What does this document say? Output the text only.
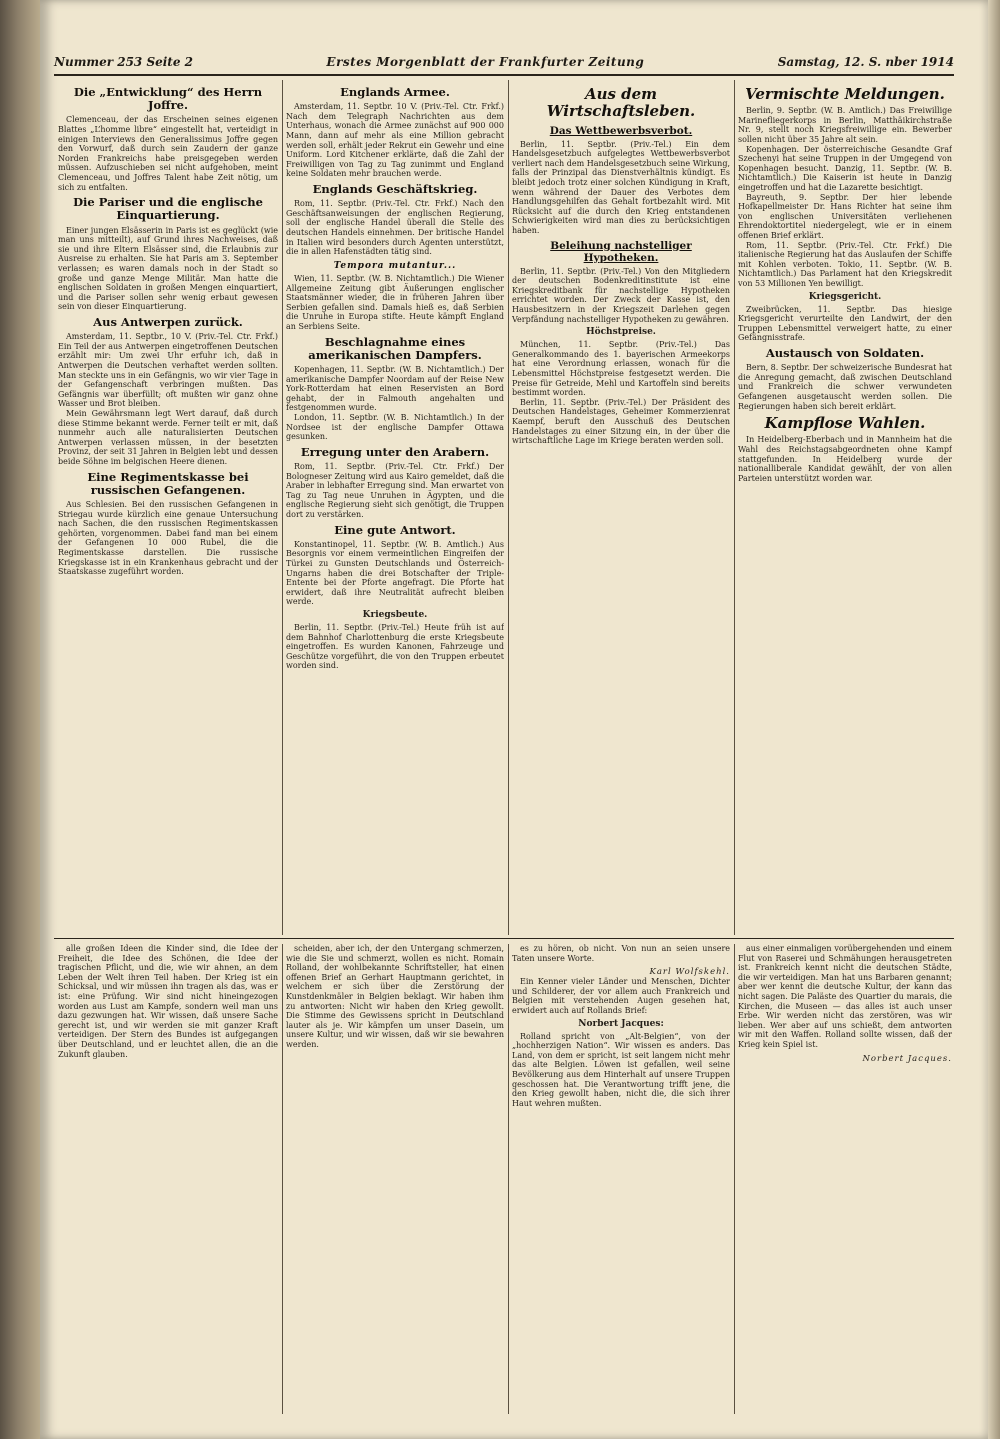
Nummer 253 Seite 2	Erstes Morgenblatt der Frankfurter Zeitung	Samstag, 12. S. nber 1914
Die „Entwicklung“ des Herrn Joffre.

Clemenceau, der das Erscheinen seines eigenen Blattes „L’homme libre“ eingestellt hat, verteidigt in einigen Interviews den Generalissimus Joffre gegen den Vorwurf, daß durch sein Zaudern der ganze Norden Frankreichs habe preisgegeben werden müssen. Aufzuschieben sei nicht aufgehoben, meint Clemenceau, und Joffres Talent habe Zeit nötig, um sich zu entfalten.

Die Pariser und die englische Einquartierung.

Einer jungen Elsässerin in Paris ist es geglückt (wie man uns mitteilt), auf Grund ihres Nachweises, daß sie und ihre Eltern Elsässer sind, die Erlaubnis zur Ausreise zu erhalten. Sie hat Paris am 3. September verlassen; es waren damals noch in der Stadt so große und ganze Menge Militär. Man hatte die englischen Soldaten in großen Mengen einquartiert, und die Pariser sollen sehr wenig erbaut gewesen sein von dieser Einquartierung.

Aus Antwerpen zurück.

Amsterdam, 11. Septbr., 10 V. (Priv.-Tel. Ctr. Frkf.) Ein Teil der aus Antwerpen eingetroffenen Deutschen erzählt mir: Um zwei Uhr erfuhr ich, daß in Antwerpen die Deutschen verhaftet werden sollten. Man steckte uns in ein Gefängnis, wo wir vier Tage in der Gefangenschaft verbringen mußten. Das Gefängnis war überfüllt; oft mußten wir ganz ohne Wasser und Brot bleiben.

Mein Gewährsmann legt Wert darauf, daß durch diese Stimme bekannt werde. Ferner teilt er mit, daß nunmehr auch alle naturalisierten Deutschen Antwerpen verlassen müssen, in der besetzten Provinz, der seit 31 Jahren in Belgien lebt und dessen beide Söhne im belgischen Heere dienen.

Eine Regimentskasse bei russischen Gefangenen.

Aus Schlesien. Bei den russischen Gefangenen in Striegau wurde kürzlich eine genaue Untersuchung nach Sachen, die den russischen Regimentskassen gehörten, vorgenommen. Dabei fand man bei einem der Gefangenen 10 000 Rubel, die die Regimentskasse darstellen. Die russische Kriegskasse ist in ein Krankenhaus gebracht und der Staatskasse zugeführt worden.

Englands Armee.

Amsterdam, 11. Septbr. 10 V. (Priv.-Tel. Ctr. Frkf.) Nach dem Telegraph Nachrichten aus dem Unterhaus, wonach die Armee zunächst auf 900 000 Mann, dann auf mehr als eine Million gebracht werden soll, erhält jeder Rekrut ein Gewehr und eine Uniform. Lord Kitchener erklärte, daß die Zahl der Freiwilligen von Tag zu Tag zunimmt und England keine Soldaten mehr brauchen werde.

Englands Geschäftskrieg.

Rom, 11. Septbr. (Priv.-Tel. Ctr. Frkf.) Nach den Geschäftsanweisungen der englischen Regierung, soll der englische Handel überall die Stelle des deutschen Handels einnehmen. Der britische Handel in Italien wird besonders durch Agenten unterstützt, die in allen Hafenstädten tätig sind.

Tempora mutantur...

Wien, 11. Septbr. (W. B. Nichtamtlich.) Die Wiener Allgemeine Zeitung gibt Äußerungen englischer Staatsmänner wieder, die in früheren Jahren über Serbien gefallen sind. Damals hieß es, daß Serbien die Unruhe in Europa stifte. Heute kämpft England an Serbiens Seite.

Beschlagnahme eines amerikanischen Dampfers.

Kopenhagen, 11. Septbr. (W. B. Nichtamtlich.) Der amerikanische Dampfer Noordam auf der Reise New York-Rotterdam hat einen Reservisten an Bord gehabt, der in Falmouth angehalten und festgenommen wurde.

London, 11. Septbr. (W. B. Nichtamtlich.) In der Nordsee ist der englische Dampfer Ottawa gesunken.

Erregung unter den Arabern.

Rom, 11. Septbr. (Priv.-Tel. Ctr. Frkf.) Der Bologneser Zeitung wird aus Kairo gemeldet, daß die Araber in lebhafter Erregung sind. Man erwartet von Tag zu Tag neue Unruhen in Ägypten, und die englische Regierung sieht sich genötigt, die Truppen dort zu verstärken.

Eine gute Antwort.

Konstantinopel, 11. Septbr. (W. B. Amtlich.) Aus Besorgnis vor einem vermeintlichen Eingreifen der Türkei zu Gunsten Deutschlands und Österreich-Ungarns haben die drei Botschafter der Triple-Entente bei der Pforte angefragt. Die Pforte hat erwidert, daß ihre Neutralität aufrecht bleiben werde.

Kriegsbeute.

Berlin, 11. Septbr. (Priv.-Tel.) Heute früh ist auf dem Bahnhof Charlottenburg die erste Kriegsbeute eingetroffen. Es wurden Kanonen, Fahrzeuge und Geschütze vorgeführt, die von den Truppen erbeutet worden sind.

Aus dem Wirtschaftsleben.
Das Wettbewerbsverbot.

Berlin, 11. Septbr. (Priv.-Tel.) Ein dem Handelsgesetzbuch aufgelegtes Wettbewerbsverbot verliert nach dem Handelsgesetzbuch seine Wirkung, falls der Prinzipal das Dienstverhältnis kündigt. Es bleibt jedoch trotz einer solchen Kündigung in Kraft, wenn während der Dauer des Verbotes dem Handlungsgehilfen das Gehalt fortbezahlt wird. Mit Rücksicht auf die durch den Krieg entstandenen Schwierigkeiten wird man dies zu berücksichtigen haben.

Beleihung nachstelliger Hypotheken.

Berlin, 11. Septbr. (Priv.-Tel.) Von den Mitgliedern der deutschen Bodenkreditinstitute ist eine Kriegskreditbank für nachstellige Hypotheken errichtet worden. Der Zweck der Kasse ist, den Hausbesitzern in der Kriegszeit Darlehen gegen Verpfändung nachstelliger Hypotheken zu gewähren.

Höchstpreise.

München, 11. Septbr. (Priv.-Tel.) Das Generalkommando des 1. bayerischen Armeekorps hat eine Verordnung erlassen, wonach für die Lebensmittel Höchstpreise festgesetzt werden. Die Preise für Getreide, Mehl und Kartoffeln sind bereits bestimmt worden.

Berlin, 11. Septbr. (Priv.-Tel.) Der Präsident des Deutschen Handelstages, Geheimer Kommerzienrat Kaempf, beruft den Ausschuß des Deutschen Handelstages zu einer Sitzung ein, in der über die wirtschaftliche Lage im Kriege beraten werden soll.

Vermischte Meldungen.

Berlin, 9. Septbr. (W. B. Amtlich.) Das Freiwillige Marinefliegerkorps in Berlin, Matthäikirchstraße Nr. 9, stellt noch Kriegsfreiwillige ein. Bewerber sollen nicht über 35 Jahre alt sein.

Kopenhagen. Der österreichische Gesandte Graf Szechenyi hat seine Truppen in der Umgegend von Kopenhagen besucht. Danzig, 11. Septbr. (W. B. Nichtamtlich.) Die Kaiserin ist heute in Danzig eingetroffen und hat die Lazarette besichtigt.

Bayreuth, 9. Septbr. Der hier lebende Hofkapellmeister Dr. Hans Richter hat seine ihm von englischen Universitäten verliehenen Ehrendoktortitel niedergelegt, wie er in einem offenen Brief erklärt.

Rom, 11. Septbr. (Priv.-Tel. Ctr. Frkf.) Die italienische Regierung hat das Auslaufen der Schiffe mit Kohlen verboten. Tokio, 11. Septbr. (W. B. Nichtamtlich.) Das Parlament hat den Kriegskredit von 53 Millionen Yen bewilligt.

Kriegsgericht.

Zweibrücken, 11. Septbr. Das hiesige Kriegsgericht verurteilte den Landwirt, der den Truppen Lebensmittel verweigert hatte, zu einer Gefängnisstrafe.

Austausch von Soldaten.

Bern, 8. Septbr. Der schweizerische Bundesrat hat die Anregung gemacht, daß zwischen Deutschland und Frankreich die schwer verwundeten Gefangenen ausgetauscht werden sollen. Die Regierungen haben sich bereit erklärt.

Kampflose Wahlen.

In Heidelberg-Eberbach und in Mannheim hat die Wahl des Reichstagsabgeordneten ohne Kampf stattgefunden. In Heidelberg wurde der nationalliberale Kandidat gewählt, der von allen Parteien unterstützt worden war.

alle großen Ideen die Kinder sind, die Idee der Freiheit, die Idee des Schönen, die Idee der tragischen Pflicht, und die, wie wir ahnen, an dem Leben der Welt ihren Teil haben. Der Krieg ist ein Schicksal, und wir müssen ihn tragen als das, was er ist: eine Prüfung. Wir sind nicht hineingezogen worden aus Lust am Kampfe, sondern weil man uns dazu gezwungen hat. Wir wissen, daß unsere Sache gerecht ist, und wir werden sie mit ganzer Kraft verteidigen. Der Stern des Bundes ist aufgegangen über Deutschland, und er leuchtet allen, die an die Zukunft glauben.

scheiden, aber ich, der den Untergang schmerzen, wie die Sie und schmerzt, wollen es nicht. Romain Rolland, der wohlbekannte Schriftsteller, hat einen offenen Brief an Gerhart Hauptmann gerichtet, in welchem er sich über die Zerstörung der Kunstdenkmäler in Belgien beklagt. Wir haben ihm zu antworten: Nicht wir haben den Krieg gewollt. Die Stimme des Gewissens spricht in Deutschland lauter als je. Wir kämpfen um unser Dasein, um unsere Kultur, und wir wissen, daß wir sie bewahren werden.

es zu hören, ob nicht. Von nun an seien unsere Taten unsere Worte.

Karl Wolfskehl.

Ein Kenner vieler Länder und Menschen, Dichter und Schilderer, der vor allem auch Frankreich und Belgien mit verstehenden Augen gesehen hat, erwidert auch auf Rollands Brief:

Norbert Jacques:

Rolland spricht von „Alt-Belgien“, von der „hochherzigen Nation“. Wir wissen es anders. Das Land, von dem er spricht, ist seit langem nicht mehr das alte Belgien. Löwen ist gefallen, weil seine Bevölkerung aus dem Hinterhalt auf unsere Truppen geschossen hat. Die Verantwortung trifft jene, die den Krieg gewollt haben, nicht die, die sich ihrer Haut wehren mußten.

aus einer einmaligen vorübergehenden und einem Flut von Raserei und Schmähungen herausgetreten ist. Frankreich kennt nicht die deutschen Städte, die wir verteidigen. Man hat uns Barbaren genannt; aber wer kennt die deutsche Kultur, der kann das nicht sagen. Die Paläste des Quartier du marais, die Kirchen, die Museen — das alles ist auch unser Erbe. Wir werden nicht das zerstören, was wir lieben. Wer aber auf uns schießt, dem antworten wir mit den Waffen. Rolland sollte wissen, daß der Krieg kein Spiel ist.

Norbert Jacques.
